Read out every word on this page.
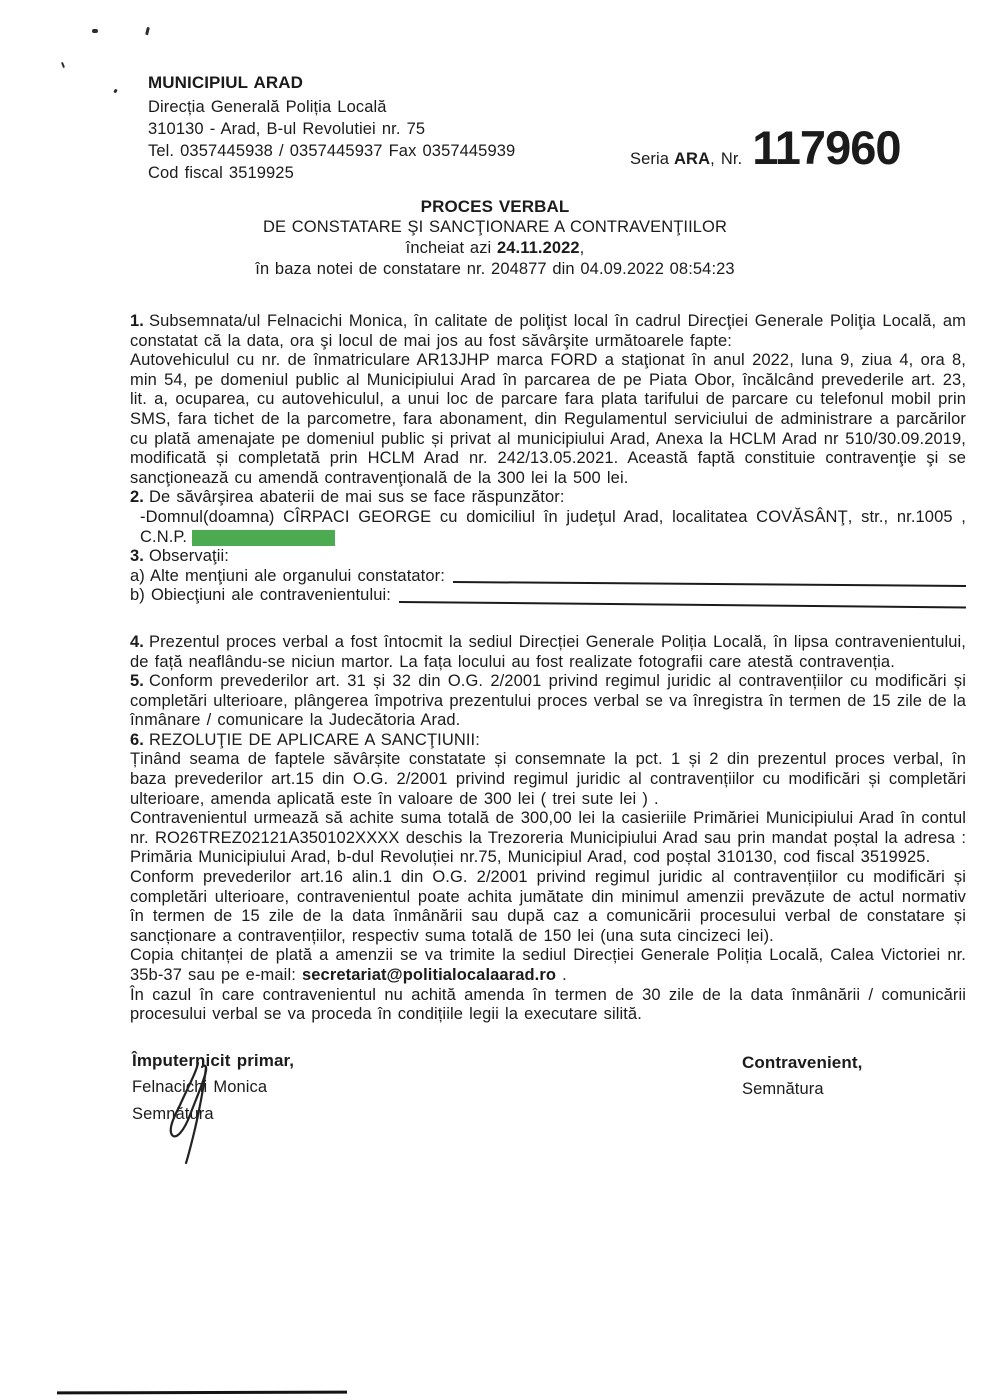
MUNICIPIUL ARAD
Direcția Generală Poliția Locală
310130 - Arad, B-ul Revolutiei nr. 75
Tel. 0357445938 / 0357445937 Fax 0357445939
Cod fiscal 3519925
Seria ARA , Nr. 117960
PROCES VERBAL
DE CONSTATARE ŞI SANCŢIONARE A CONTRAVENŢIILOR
încheiat azi 24.11.2022,
în baza notei de constatare nr. 204877 din 04.09.2022 08:54:23

1. Subsemnata/ul Felnacichi Monica, în calitate de poliţist local în cadrul Direcţiei Generale Poliţia Locală, am constatat că la data, ora şi locul de mai jos au fost săvârşite următoarele fapte:

Autovehiculul cu nr. de înmatriculare AR13JHP marca FORD a staţionat în anul 2022, luna 9, ziua 4, ora 8, min 54, pe domeniul public al Municipiului Arad în parcarea de pe Piata Obor, încălcând prevederile art. 23, lit. a, ocuparea, cu autovehiculul, a unui loc de parcare fara plata tarifului de parcare cu telefonul mobil prin SMS, fara tichet de la parcometre, fara abonament, din Regulamentul serviciului de administrare a parcărilor cu plată amenajate pe domeniul public și privat al municipiului Arad, Anexa la HCLM Arad nr 510/30.09.2019, modificată și completată prin HCLM Arad nr. 242/13.05.2021. Această faptă constituie contravenţie şi se sancţionează cu amendă contravenţională de la 300 lei la 500 lei.

2. De săvârşirea abaterii de mai sus se face răspunzător:

-Domnul(doamna) CÎRPACI GEORGE cu domiciliul în judeţul Arad, localitatea COVĂSÂNŢ, str., nr.1005 , C.N.P.

3. Observaţii:

a) Alte menţiuni ale organului constatator:
b) Obiecţiuni ale contravenientului:

4. Prezentul proces verbal a fost întocmit la sediul Direcției Generale Poliția Locală, în lipsa contravenientului, de față neaflându-se niciun martor. La fața locului au fost realizate fotografii care atestă contravenția.

5. Conform prevederilor art. 31 și 32 din O.G. 2/2001 privind regimul juridic al contravențiilor cu modificări și completări ulterioare, plângerea împotriva prezentului proces verbal se va înregistra în termen de 15 zile de la înmânare / comunicare la Judecătoria Arad.

6. REZOLUŢIE DE APLICARE A SANCŢIUNII:

Ținând seama de faptele săvârșite constatate și consemnate la pct. 1 și 2 din prezentul proces verbal, în baza prevederilor art.15 din O.G. 2/2001 privind regimul juridic al contravențiilor cu modificări și completări ulterioare, amenda aplicată este în valoare de 300 lei ( trei sute lei ) .

Contravenientul urmează să achite suma totală de 300,00 lei la casieriile Primăriei Municipiului Arad în contul nr. RO26TREZ02121A350102XXXX deschis la Trezoreria Municipiului Arad sau prin mandat poștal la adresa : Primăria Municipiului Arad, b-dul Revoluției nr.75, Municipiul Arad, cod poștal 310130, cod fiscal 3519925.

Conform prevederilor art.16 alin.1 din O.G. 2/2001 privind regimul juridic al contravențiilor cu modificări și completări ulterioare, contravenientul poate achita jumătate din minimul amenzii prevăzute de actul normativ în termen de 15 zile de la data înmânării sau după caz a comunicării procesului verbal de constatare și sancționare a contravențiilor, respectiv suma totală de 150 lei (una suta cincizeci lei).

Copia chitanței de plată a amenzii se va trimite la sediul Direcției Generale Poliția Locală, Calea Victoriei nr. 35b-37 sau pe e-mail: secretariat@politialocalaarad.ro .

În cazul în care contravenientul nu achită amenda în termen de 30 zile de la data înmânării / comunicării procesului verbal se va proceda în condițiile legii la executare silită.

Împuternicit primar,
Felnacichi Monica
Semnătura
Contravenient,
Semnătura
